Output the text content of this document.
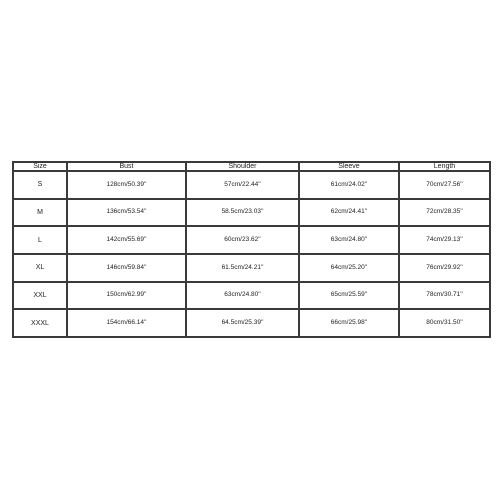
Size	Bust	Shoulder	Sleeve	Length
S	128cm/50.39''	57cm/22.44''	61cm/24.02''	70cm/27.56''
M	136cm/53.54''	58.5cm/23.03''	62cm/24.41''	72cm/28.35''
L	142cm/55.69''	60cm/23.62''	63cm/24.80''	74cm/29.13''
XL	146cm/59.84''	61.5cm/24.21''	64cm/25.20''	76cm/29.92''
XXL	150cm/62.99''	63cm/24.80''	65cm/25.59''	78cm/30.71''
XXXL	154cm/66.14''	64.5cm/25.39''	66cm/25.98''	80cm/31.50''
